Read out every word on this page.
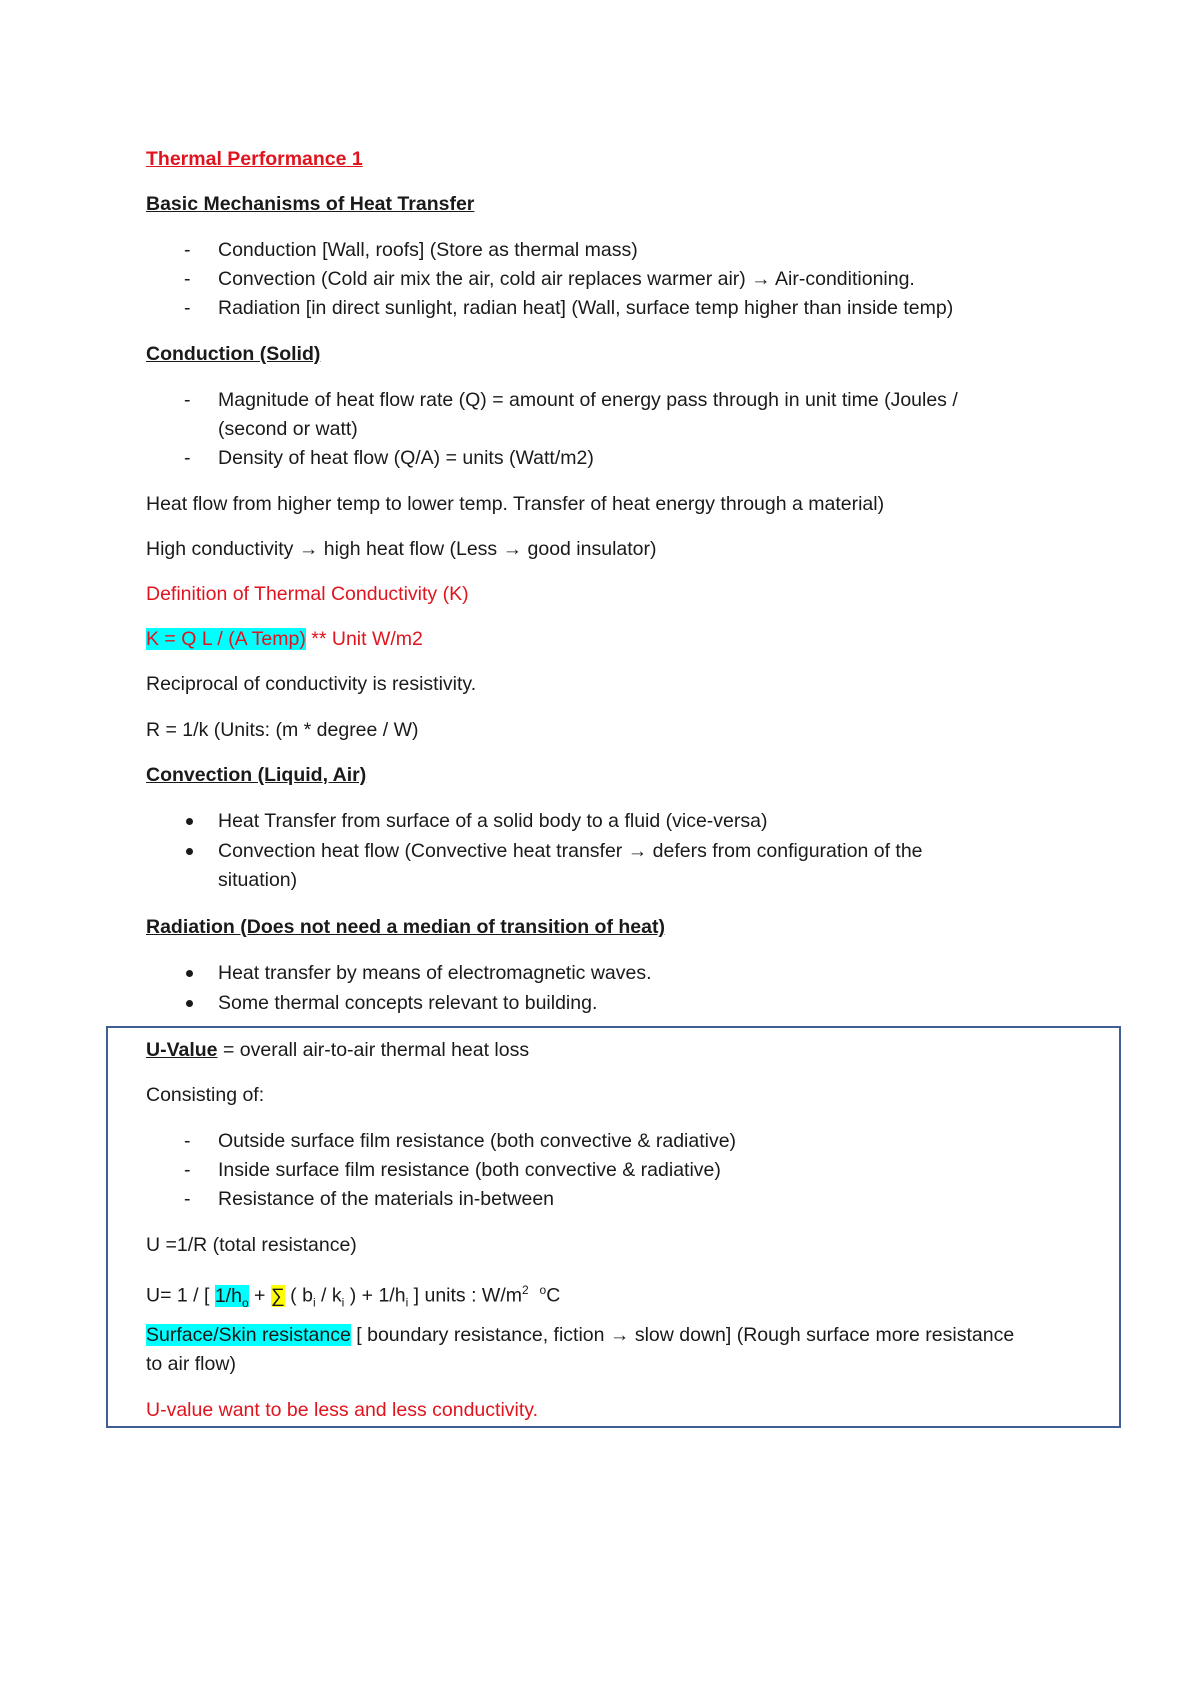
Thermal Performance 1
Basic Mechanisms of Heat Transfer
- Conduction [Wall, roofs] (Store as thermal mass)
- Convection (Cold air mix the air, cold air replaces warmer air) → Air-conditioning.
- Radiation [in direct sunlight, radian heat] (Wall, surface temp higher than inside temp)
Conduction (Solid)
- Magnitude of heat flow rate (Q) = amount of energy pass through in unit time (Joules /
(second or watt)
- Density of heat flow (Q/A) = units (Watt/m2)
Heat flow from higher temp to lower temp. Transfer of heat energy through a material)
High conductivity → high heat flow (Less → good insulator)
Definition of Thermal Conductivity (K)
K = Q L / (A Temp) ** Unit W/m2
Reciprocal of conductivity is resistivity.
R = 1/k (Units: (m * degree / W)
Convection (Liquid, Air)
Heat Transfer from surface of a solid body to a fluid (vice-versa)
Convection heat flow (Convective heat transfer → defers from configuration of the
situation)
Radiation (Does not need a median of transition of heat)
Heat transfer by means of electromagnetic waves.
Some thermal concepts relevant to building.
U-Value = overall air-to-air thermal heat loss
Consisting of:
- Outside surface film resistance (both convective & radiative)
- Inside surface film resistance (both convective & radiative)
- Resistance of the materials in-between
U =1/R (total resistance)
U= 1 / [ $1/h_o$ + ∑ ( $b_i / k_i$ ) + $1/h_i$ ] units : $W/m^2$ $^o$C
Surface/Skin resistance [ boundary resistance, fiction → slow down] (Rough surface more resistance
to air flow)
U-value want to be less and less conductivity.
